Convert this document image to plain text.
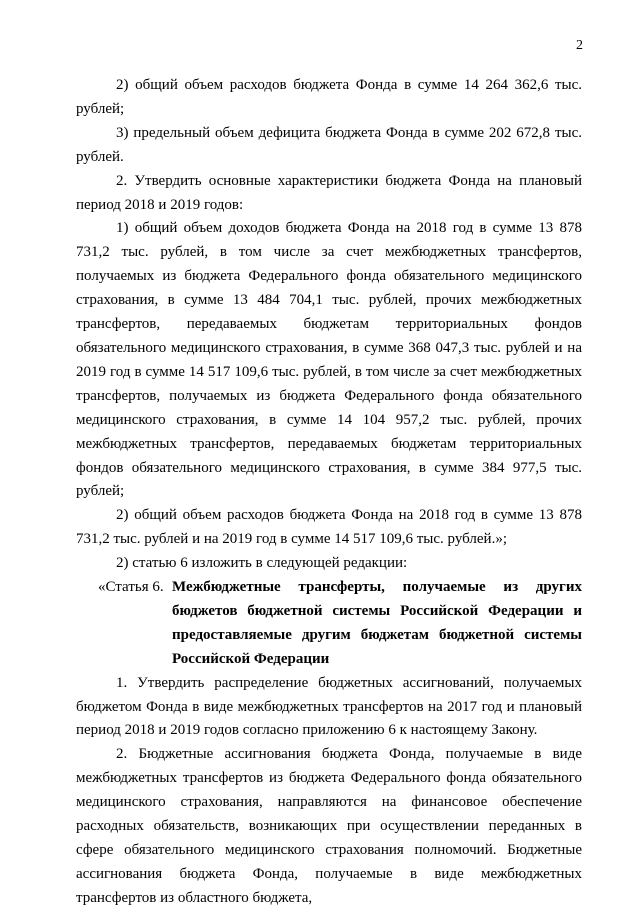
2

2) общий объем расходов бюджета Фонда в сумме 14 264 362,6 тыс. рублей;

3) предельный объем дефицита бюджета Фонда в сумме 202 672,8 тыс. рублей.

2. Утвердить основные характеристики бюджета Фонда на плановый период 2018 и 2019 годов:

1) общий объем доходов бюджета Фонда на 2018 год в сумме 13 878 731,2 тыс. рублей, в том числе за счет межбюджетных трансфертов, получаемых из бюджета Федерального фонда обязательного медицинского страхования, в сумме 13 484 704,1 тыс. рублей, прочих межбюджетных трансфертов, передаваемых бюджетам территориальных фондов обязательного медицинского страхования, в сумме 368 047,3 тыс. рублей и на 2019 год в сумме 14 517 109,6 тыс. рублей, в том числе за счет межбюджетных трансфертов, получаемых из бюджета Федерального фонда обязательного медицинского страхования, в сумме 14 104 957,2 тыс. рублей, прочих межбюджетных трансфертов, передаваемых бюджетам территориальных фондов обязательного медицинского страхования, в сумме 384 977,5 тыс. рублей;

2) общий объем расходов бюджета Фонда на 2018 год в сумме 13 878 731,2 тыс. рублей и на 2019 год в сумме 14 517 109,6 тыс. рублей.»;

2) статью 6 изложить в следующей редакции:

«Статья 6. Межбюджетные трансферты, получаемые из других бюджетов бюджетной системы Российской Федерации и предоставляемые другим бюджетам бюджетной системы Российской Федерации

1. Утвердить распределение бюджетных ассигнований, получаемых бюджетом Фонда в виде межбюджетных трансфертов на 2017 год и плановый период 2018 и 2019 годов согласно приложению 6 к настоящему Закону.

2. Бюджетные ассигнования бюджета Фонда, получаемые в виде межбюджетных трансфертов из бюджета Федерального фонда обязательного медицинского страхования, направляются на финансовое обеспечение расходных обязательств, возникающих при осуществлении переданных в сфере обязательного медицинского страхования полномочий. Бюджетные ассигнования бюджета Фонда, получаемые в виде межбюджетных трансфертов из областного бюджета,
